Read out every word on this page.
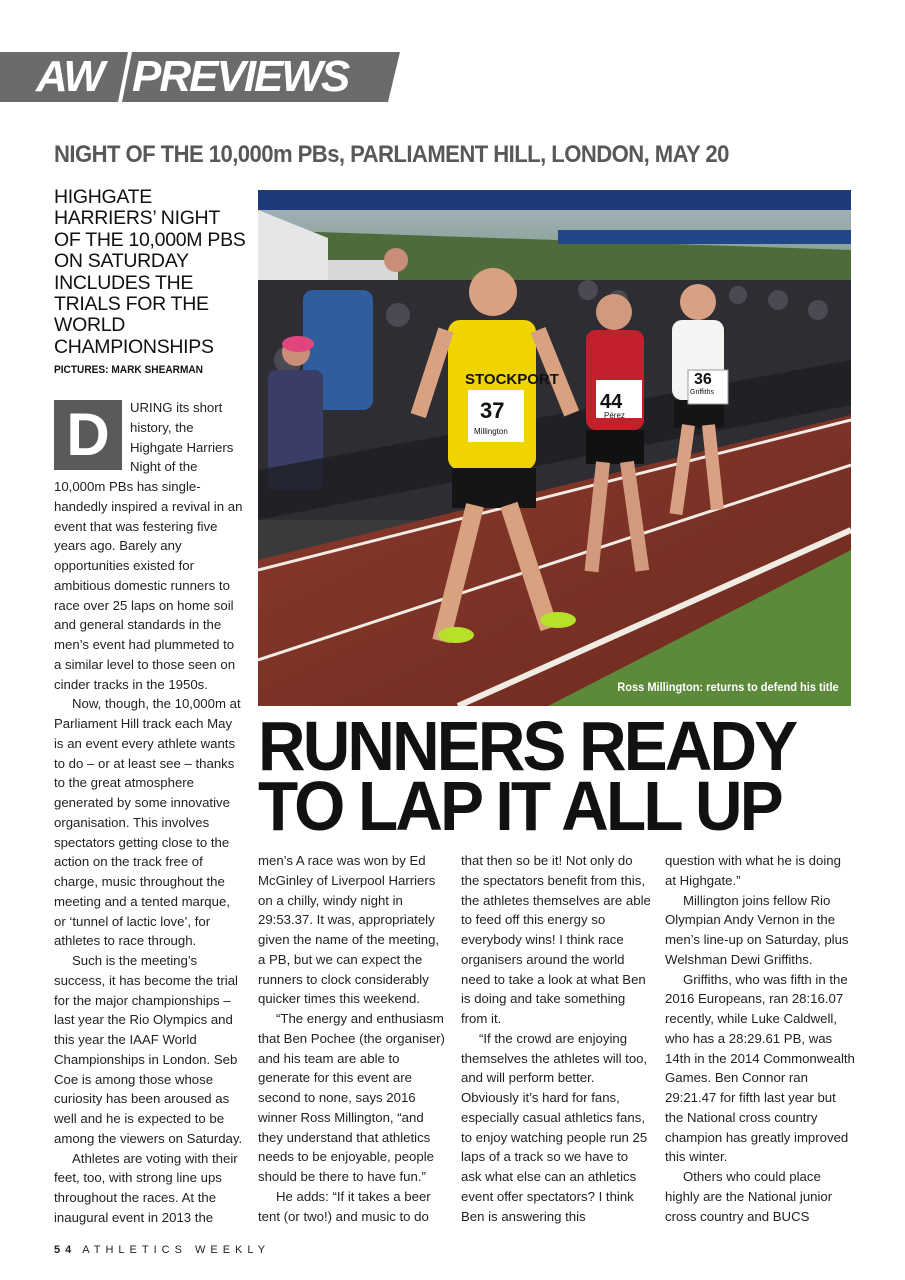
AW PREVIEWS
NIGHT OF THE 10,000m PBs, PARLIAMENT HILL, LONDON, MAY 20
HIGHGATE HARRIERS’ NIGHT OF THE 10,000M PBS ON SATURDAY INCLUDES THE TRIALS FOR THE WORLD CHAMPIONSHIPS
PICTURES: MARK SHEARMAN
STOCKPORT
37
Millington
44
Pérez
36
Griffiths
Ross Millington: returns to defend his title
RUNNERS READY
TO LAP IT ALL UP

D	URING its short
history, the
Highgate Harriers
Night of the
10,000m PBs has single-handedly inspired a revival in an event that was festering five years ago. Barely any opportunities existed for ambitious domestic runners to race over 25 laps on home soil and general standards in the men’s event had plummeted to a similar level to those seen on cinder tracks in the 1950s.

Now, though, the 10,000m at Parliament Hill track each May is an event every athlete wants to do – or at least see – thanks to the great atmosphere generated by some innovative organisation. This involves spectators getting close to the action on the track free of charge, music throughout the meeting and a tented marque, or ‘tunnel of lactic love’, for athletes to race through.

Such is the meeting’s success, it has become the trial for the major championships – last year the Rio Olympics and this year the IAAF World Championships in London. Seb Coe is among those whose curiosity has been aroused as well and he is expected to be among the viewers on Saturday.

Athletes are voting with their feet, too, with strong line ups throughout the races. At the inaugural event in 2013 the

men’s A race was won by Ed McGinley of Liverpool Harriers on a chilly, windy night in 29:53.37. It was, appropriately given the name of the meeting, a PB, but we can expect the runners to clock considerably quicker times this weekend.

“The energy and enthusiasm that Ben Pochee (the organiser) and his team are able to generate for this event are second to none, says 2016 winner Ross Millington, “and they understand that athletics needs to be enjoyable, people should be there to have fun.”

He adds: “If it takes a beer tent (or two!) and music to do

that then so be it! Not only do the spectators benefit from this, the athletes themselves are able to feed off this energy so everybody wins! I think race organisers around the world need to take a look at what Ben is doing and take something from it.

“If the crowd are enjoying themselves the athletes will too, and will perform better. Obviously it’s hard for fans, especially casual athletics fans, to enjoy watching people run 25 laps of a track so we have to ask what else can an athletics event offer spectators? I think Ben is answering this

question with what he is doing at Highgate.”

Millington joins fellow Rio Olympian Andy Vernon in the men’s line-up on Saturday, plus Welshman Dewi Griffiths.

Griffiths, who was fifth in the 2016 Europeans, ran 28:16.07 recently, while Luke Caldwell, who has a 28:29.61 PB, was 14th in the 2014 Commonwealth Games. Ben Connor ran 29:21.47 for fifth last year but the National cross country champion has greatly improved this winter.

Others who could place highly are the National junior cross country and BUCS

54 ATHLETICS WEEKLY
